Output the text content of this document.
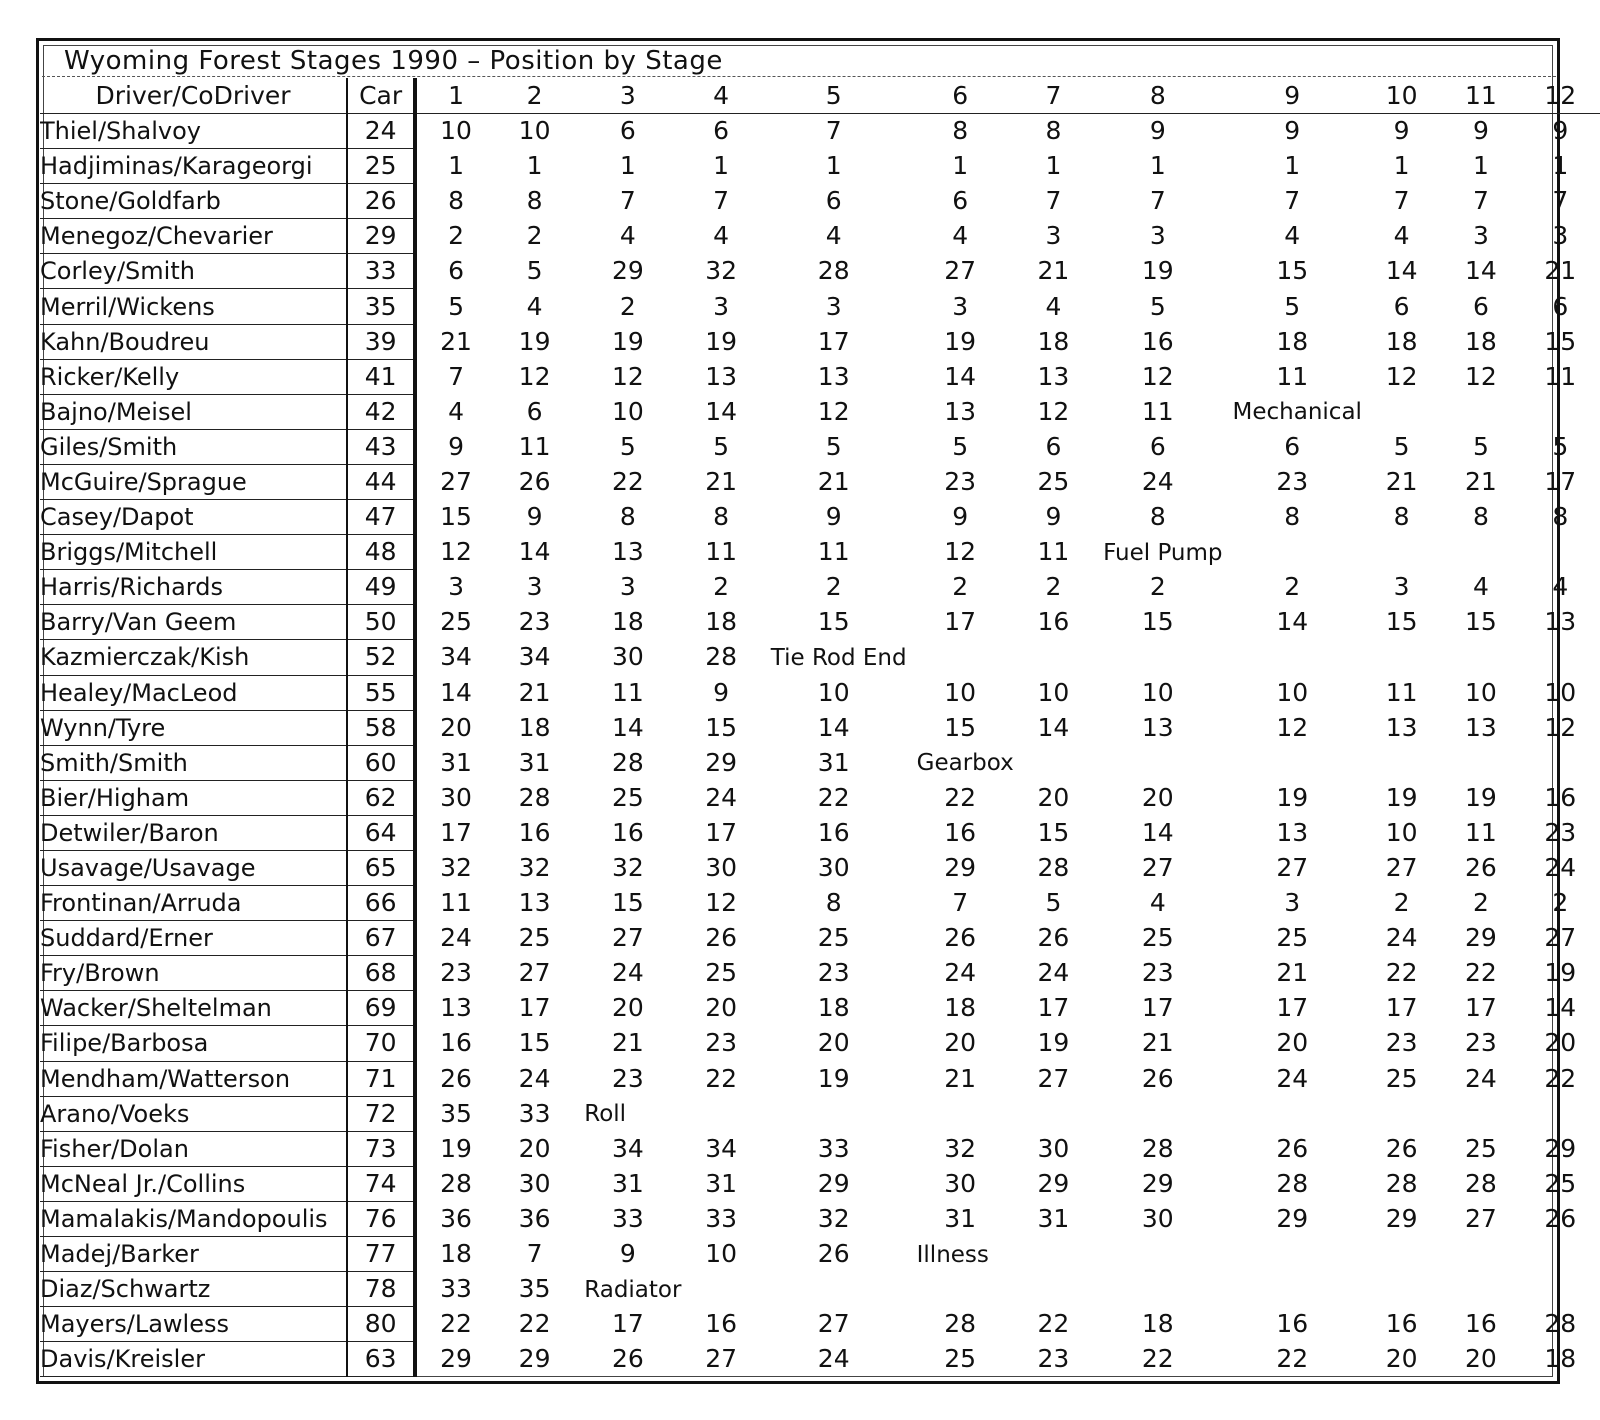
Wyoming Forest Stages 1990 – Position by Stage
Driver/CoDriver	Car	1	2	3	4	5	6	7	8	9	10	11	12
Thiel/Shalvoy	24	10	10	6	6	7	8	8	9	9	9	9	9
Hadjiminas/Karageorgi	25	1	1	1	1	1	1	1	1	1	1	1	1
Stone/Goldfarb	26	8	8	7	7	6	6	7	7	7	7	7	7
Menegoz/Chevarier	29	2	2	4	4	4	4	3	3	4	4	3	3
Corley/Smith	33	6	5	29	32	28	27	21	19	15	14	14	21
Merril/Wickens	35	5	4	2	3	3	3	4	5	5	6	6	6
Kahn/Boudreu	39	21	19	19	19	17	19	18	16	18	18	18	15
Ricker/Kelly	41	7	12	12	13	13	14	13	12	11	12	12	11
Bajno/Meisel	42	4	6	10	14	12	13	12	11	Mechanical			
Giles/Smith	43	9	11	5	5	5	5	6	6	6	5	5	5
McGuire/Sprague	44	27	26	22	21	21	23	25	24	23	21	21	17
Casey/Dapot	47	15	9	8	8	9	9	9	8	8	8	8	8
Briggs/Mitchell	48	12	14	13	11	11	12	11	Fuel Pump				
Harris/Richards	49	3	3	3	2	2	2	2	2	2	3	4	4
Barry/Van Geem	50	25	23	18	18	15	17	16	15	14	15	15	13
Kazmierczak/Kish	52	34	34	30	28	Tie Rod End							
Healey/MacLeod	55	14	21	11	9	10	10	10	10	10	11	10	10
Wynn/Tyre	58	20	18	14	15	14	15	14	13	12	13	13	12
Smith/Smith	60	31	31	28	29	31	Gearbox						
Bier/Higham	62	30	28	25	24	22	22	20	20	19	19	19	16
Detwiler/Baron	64	17	16	16	17	16	16	15	14	13	10	11	23
Usavage/Usavage	65	32	32	32	30	30	29	28	27	27	27	26	24
Frontinan/Arruda	66	11	13	15	12	8	7	5	4	3	2	2	2
Suddard/Erner	67	24	25	27	26	25	26	26	25	25	24	29	27
Fry/Brown	68	23	27	24	25	23	24	24	23	21	22	22	19
Wacker/Sheltelman	69	13	17	20	20	18	18	17	17	17	17	17	14
Filipe/Barbosa	70	16	15	21	23	20	20	19	21	20	23	23	20
Mendham/Watterson	71	26	24	23	22	19	21	27	26	24	25	24	22
Arano/Voeks	72	35	33	Roll									
Fisher/Dolan	73	19	20	34	34	33	32	30	28	26	26	25	29
McNeal Jr./Collins	74	28	30	31	31	29	30	29	29	28	28	28	25
Mamalakis/Mandopoulis	76	36	36	33	33	32	31	31	30	29	29	27	26
Madej/Barker	77	18	7	9	10	26	Illness						
Diaz/Schwartz	78	33	35	Radiator									
Mayers/Lawless	80	22	22	17	16	27	28	22	18	16	16	16	28
Davis/Kreisler	63	29	29	26	27	24	25	23	22	22	20	20	18
